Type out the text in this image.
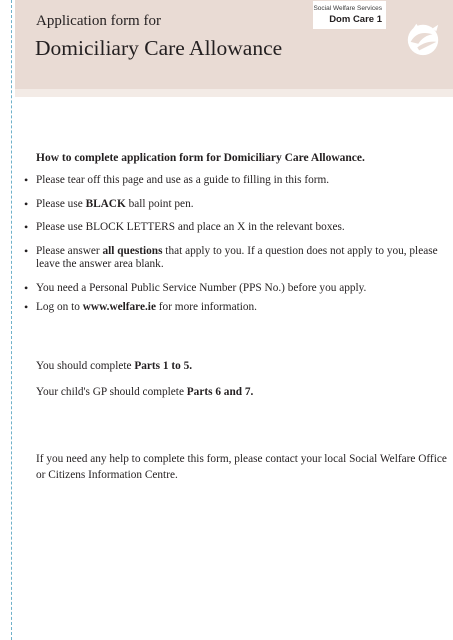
Application form for
Domiciliary Care Allowance
Social Welfare Services
Dom Care 1
How to complete application form for Domiciliary Care Allowance.
• Please tear off this page and use as a guide to filling in this form.
• Please use BLACK ball point pen.
• Please use BLOCK LETTERS and place an X in the relevant boxes.
• Please answer all questions that apply to you. If a question does not apply to you, please leave the answer area blank.
• You need a Personal Public Service Number (PPS No.) before you apply.
• Log on to www.welfare.ie for more information.
You should complete Parts 1 to 5.
Your child's GP should complete Parts 6 and 7.
If you need any help to complete this form, please contact your local Social Welfare Office or Citizens Information Centre.
